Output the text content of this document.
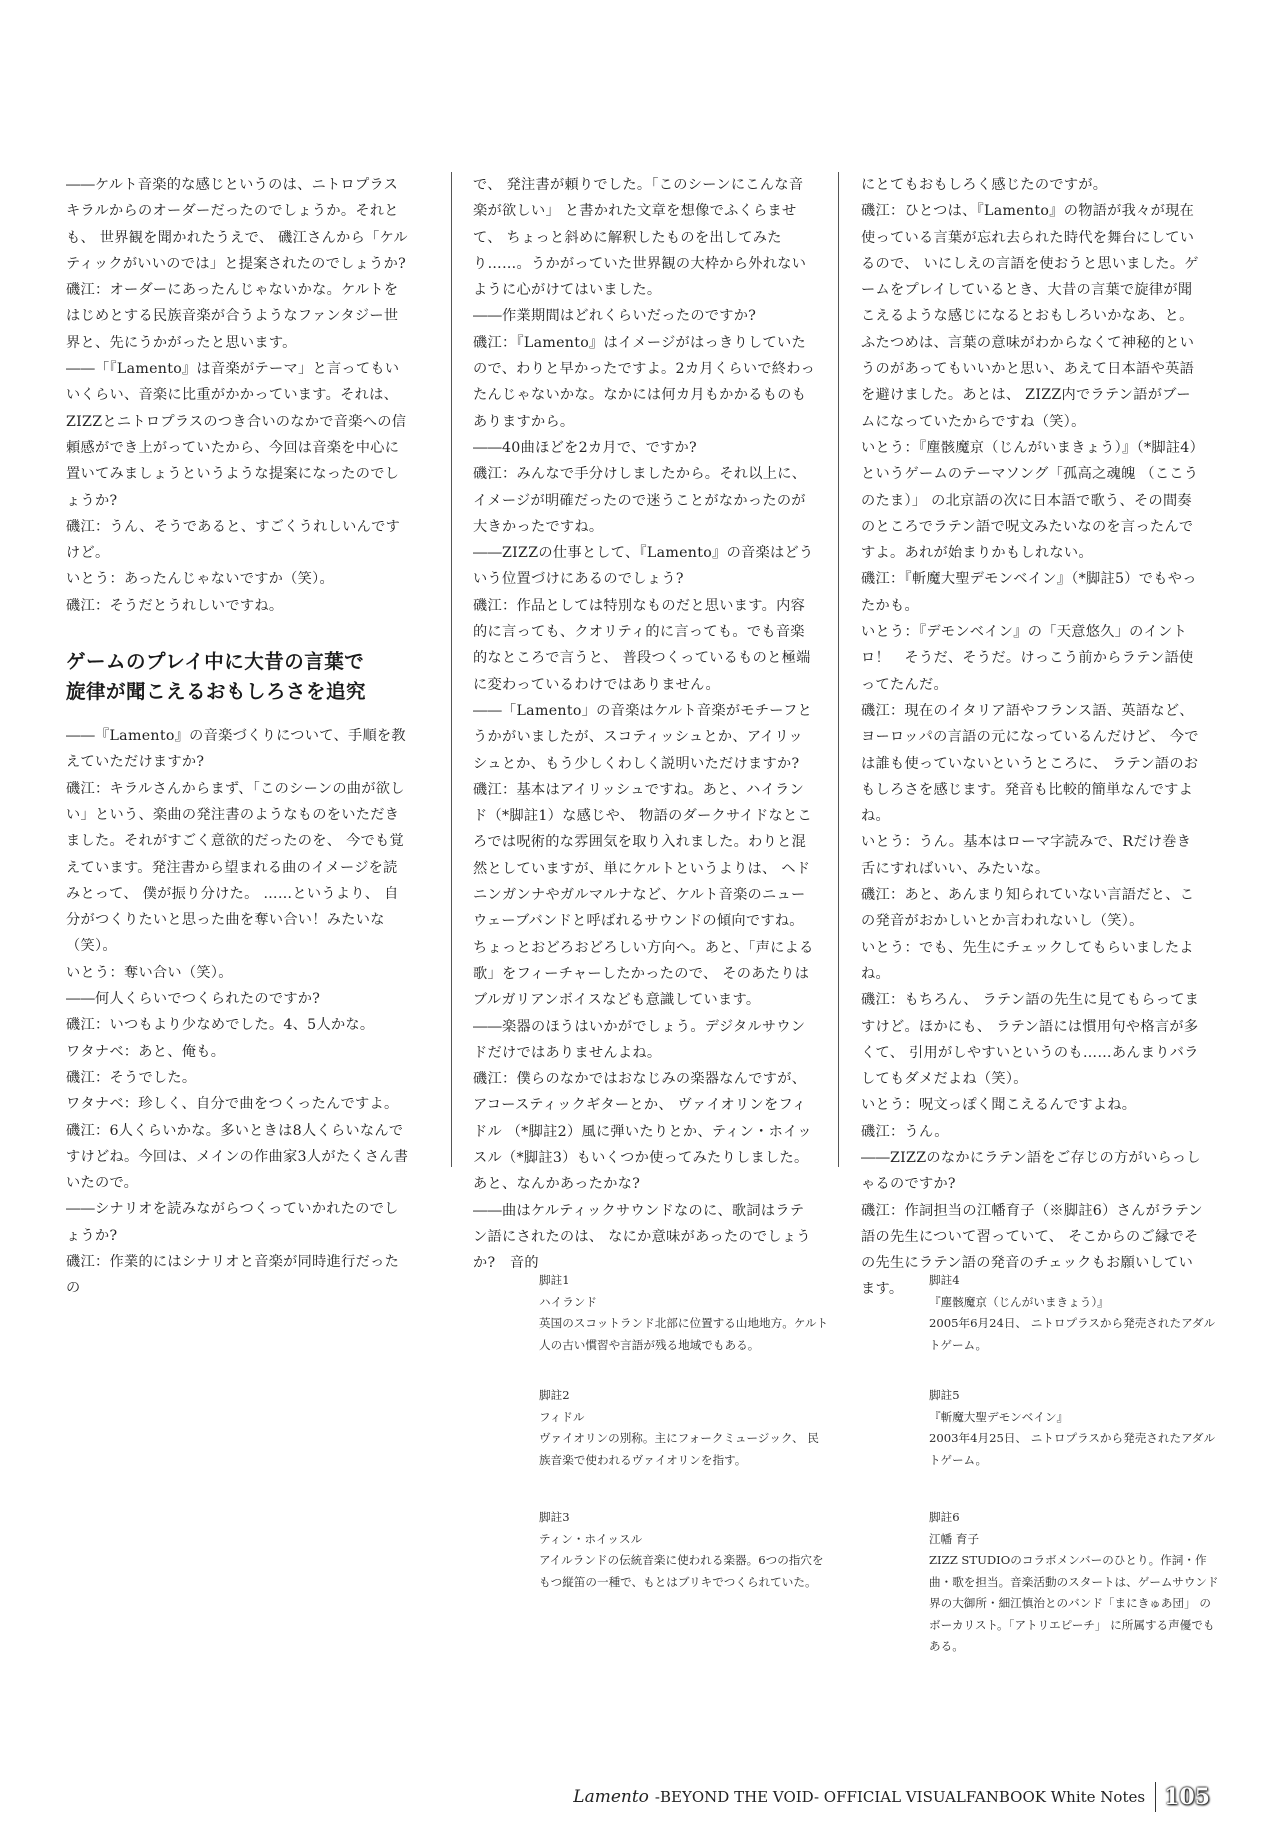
――ケルト音楽的な感じというのは、ニトロプラス キラルからのオーダーだったのでしょうか。それとも、 世界観を聞かれたうえで、 磯江さんから「ケルティックがいいのでは」と提案されたのでしょうか?

磯江：オーダーにあったんじゃないかな。ケルトをはじめとする民族音楽が合うようなファンタジー世界と、先にうかがったと思います。

――「『Lamento』は音楽がテーマ」と言ってもいいくらい、音楽に比重がかかっています。それは、 ZIZZとニトロプラスのつき合いのなかで音楽への信頼感ができ上がっていたから、今回は音楽を中心に置いてみましょうというような提案になったのでしょうか?

磯江：うん、そうであると、すごくうれしいんですけど。

いとう：あったんじゃないですか（笑）。

磯江：そうだとうれしいですね。

ゲームのプレイ中に大昔の言葉で
旋律が聞こえるおもしろさを追究

――『Lamento』の音楽づくりについて、手順を教えていただけますか?

磯江：キラルさんからまず、「このシーンの曲が欲しい」という、楽曲の発注書のようなものをいただきました。それがすごく意欲的だったのを、 今でも覚えています。発注書から望まれる曲のイメージを読みとって、 僕が振り分けた。 ……というより、 自分がつくりたいと思った曲を奪い合い！みたいな（笑）。

いとう：奪い合い（笑）。

――何人くらいでつくられたのですか?

磯江：いつもより少なめでした。4、5人かな。

ワタナベ：あと、俺も。

磯江：そうでした。

ワタナベ：珍しく、自分で曲をつくったんですよ。

磯江：6人くらいかな。多いときは8人くらいなんですけどね。今回は、メインの作曲家3人がたくさん書いたので。

――シナリオを読みながらつくっていかれたのでしょうか?

磯江：作業的にはシナリオと音楽が同時進行だったの

で、 発注書が頼りでした。「このシーンにこんな音楽が欲しい」 と書かれた文章を想像でふくらませて、 ちょっと斜めに解釈したものを出してみたり……。うかがっていた世界観の大枠から外れないように心がけてはいました。

――作業期間はどれくらいだったのですか?

磯江：『Lamento』はイメージがはっきりしていたので、わりと早かったですよ。2カ月くらいで終わったんじゃないかな。なかには何カ月もかかるものもありますから。

――40曲ほどを2カ月で、ですか?

磯江：みんなで手分けしましたから。それ以上に、イメージが明確だったので迷うことがなかったのが大きかったですね。

――ZIZZの仕事として、『Lamento』の音楽はどういう位置づけにあるのでしょう?

磯江：作品としては特別なものだと思います。内容的に言っても、クオリティ的に言っても。でも音楽的なところで言うと、 普段つくっているものと極端に変わっているわけではありません。

――「Lamento」の音楽はケルト音楽がモチーフとうかがいましたが、スコティッシュとか、アイリッシュとか、もう少しくわしく説明いただけますか?

磯江：基本はアイリッシュですね。あと、ハイランド（*脚註1）な感じや、 物語のダークサイドなところでは呪術的な雰囲気を取り入れました。わりと混然としていますが、単にケルトというよりは、 ヘドニンガンナやガルマルナなど、ケルト音楽のニューウェーブバンドと呼ばれるサウンドの傾向ですね。ちょっとおどろおどろしい方向へ。あと、「声による歌」をフィーチャーしたかったので、 そのあたりはブルガリアンボイスなども意識しています。

――楽器のほうはいかがでしょう。デジタルサウンドだけではありませんよね。

磯江：僕らのなかではおなじみの楽器なんですが、 アコースティックギターとか、 ヴァイオリンをフィドル （*脚註2）風に弾いたりとか、ティン・ホイッスル（*脚註3）もいくつか使ってみたりしました。あと、なんかあったかな?

――曲はケルティックサウンドなのに、歌詞はラテン語にされたのは、 なにか意味があったのでしょうか?　音的

にとてもおもしろく感じたのですが。

磯江：ひとつは、『Lamento』の物語が我々が現在使っている言葉が忘れ去られた時代を舞台にしているので、 いにしえの言語を使おうと思いました。ゲームをプレイしているとき、大昔の言葉で旋律が聞こえるような感じになるとおもしろいかなあ、と。ふたつめは、言葉の意味がわからなくて神秘的というのがあってもいいかと思い、あえて日本語や英語を避けました。あとは、 ZIZZ内でラテン語がブームになっていたからですね（笑）。

いとう：『塵骸魔京（じんがいまきょう）』（*脚註4）というゲームのテーマソング「孤高之魂魄 （ここうのたま）」 の北京語の次に日本語で歌う、その間奏のところでラテン語で呪文みたいなのを言ったんですよ。あれが始まりかもしれない。

磯江：『斬魔大聖デモンベイン』（*脚註5）でもやったかも。

いとう：『デモンベイン』の「天意悠久」のイントロ！　そうだ、そうだ。けっこう前からラテン語使ってたんだ。

磯江：現在のイタリア語やフランス語、英語など、ヨーロッパの言語の元になっているんだけど、 今では誰も使っていないというところに、 ラテン語のおもしろさを感じます。発音も比較的簡単なんですよね。

いとう：うん。基本はローマ字読みで、Rだけ巻き舌にすればいい、みたいな。

磯江：あと、あんまり知られていない言語だと、この発音がおかしいとか言われないし（笑）。

いとう：でも、先生にチェックしてもらいましたよね。

磯江：もちろん、 ラテン語の先生に見てもらってますけど。ほかにも、 ラテン語には慣用句や格言が多くて、 引用がしやすいというのも……あんまりバラしてもダメだよね（笑）。

いとう：呪文っぽく聞こえるんですよね。

磯江：うん。

――ZIZZのなかにラテン語をご存じの方がいらっしゃるのですか?

磯江：作詞担当の江幡育子（※脚註6）さんがラテン語の先生について習っていて、 そこからのご縁でその先生にラテン語の発音のチェックもお願いしています。

脚註1

ハイランド

英国のスコットランド北部に位置する山地地方。ケルト人の古い慣習や言語が残る地域でもある。

脚註2

フィドル

ヴァイオリンの別称。主にフォークミュージック、 民族音楽で使われるヴァイオリンを指す。

脚註3

ティン・ホイッスル

アイルランドの伝統音楽に使われる楽器。6つの指穴をもつ縦笛の一種で、もとはブリキでつくられていた。

脚註4

『塵骸魔京（じんがいまきょう）』

2005年6月24日、 ニトロプラスから発売されたアダルトゲーム。

脚註5

『斬魔大聖デモンベイン』

2003年4月25日、 ニトロプラスから発売されたアダルトゲーム。

脚註6

江幡 育子

ZIZZ STUDIOのコラボメンバーのひとり。作詞・作曲・歌を担当。音楽活動のスタートは、ゲームサウンド界の大御所・細江慎治とのバンド「まにきゅあ団」 のボーカリスト。「アトリエピーチ」 に所属する声優でもある。

Lamento -BEYOND THE VOID- OFFICIAL VISUALFANBOOK White Notes 105
